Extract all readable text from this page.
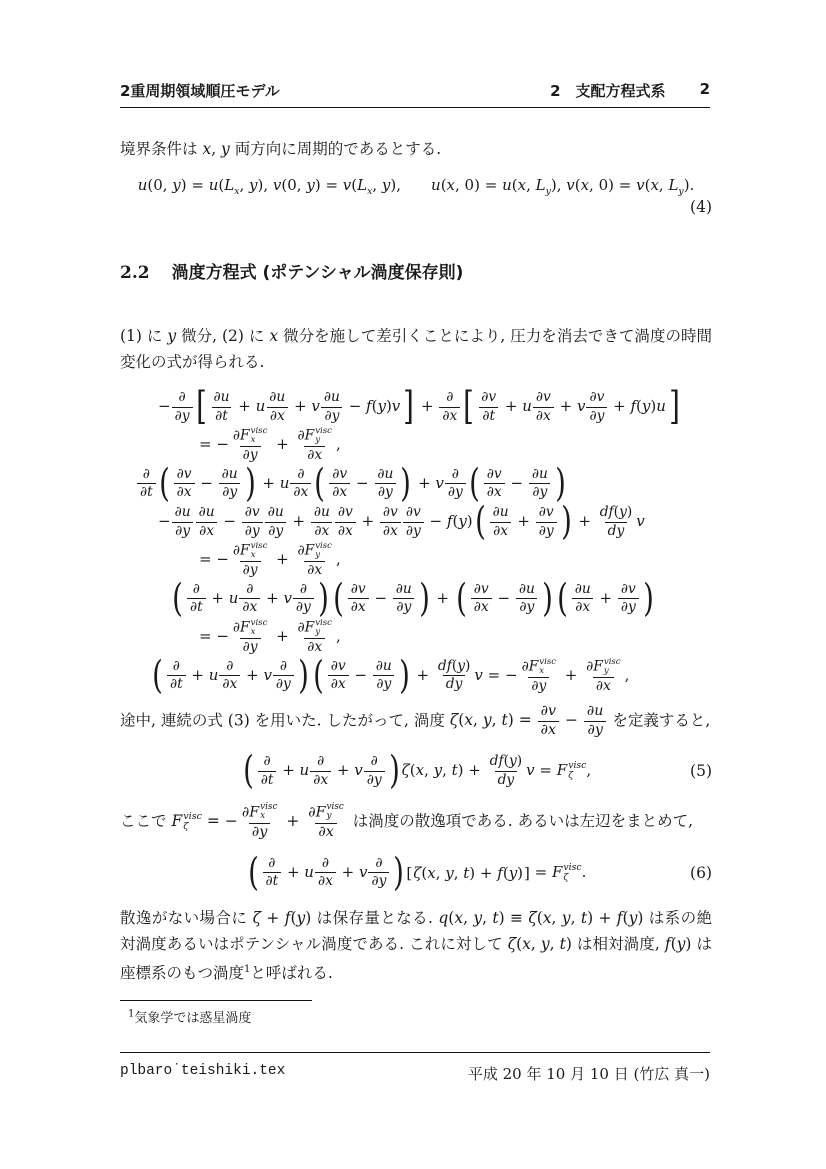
2重周期領域順圧モデル	2　支配方程式系 2

境界条件は x, y 両方向に周期的であるとする.

u(0, $y) = u(L_x$, y), v(0, $y) = v(L_x$, y),  u(x, 0) = u(x, $L_y$), v(x, 0) = v(x, $L_y$).
(4)
2.2 渦度方程式 (ポテンシャル渦度保存則)

(1) に y 微分, (2) に x 微分を施して差引くことにより, 圧力を消去できて渦度の時間変化の式が得られる.

− ∂
∂y [ $\frac{\partial u}{\partial t} + u \frac{\partial u}{\partial x} + v \frac{\partial u}{\partial y} - f(y)v$ ] + ∂
∂x [ $\frac{\partial v}{\partial t} + u \frac{\partial v}{\partial x} + v \frac{\partial v}{\partial y} + f(y)u$ ]
= − ∂F visc
x
∂y
+ ∂F visc
y
∂x
,
∂
∂t ( $\frac{\partial v}{\partial x} - \frac{\partial u}{\partial y}$ ) + u ∂
∂x ( $\frac{\partial v}{\partial x} - \frac{\partial u}{\partial y}$ ) + v ∂
∂y ( $\frac{\partial v}{\partial x} - \frac{\partial u}{\partial y}$ )
− $\frac{\partial u}{\partial y} \frac{\partial u}{\partial x} - \frac{\partial v}{\partial y} \frac{\partial u}{\partial y} + \frac{\partial u}{\partial x} \frac{\partial v}{\partial x} + \frac{\partial v}{\partial x} \frac{\partial v}{\partial y} - f(y)$ ( $\frac{\partial u}{\partial x} + \frac{\partial v}{\partial y}$ ) + $\frac{df(y)}{dy}$ v
= − ∂F visc
x
∂y
+ ∂F visc
y
∂x
,
( ∂
∂t
+ u ∂
∂x
+ v ∂
∂y ) ( $\frac{\partial v}{\partial x} - \frac{\partial u}{\partial y}$ ) + ( $\frac{\partial v}{\partial x} - \frac{\partial u}{\partial y}$ ) ( $\frac{\partial u}{\partial x} + \frac{\partial v}{\partial y}$ )
= − ∂F visc
x
∂y
+ ∂F visc
y
∂x
,
( ∂
∂t
+ u ∂
∂x
+ v ∂
∂y ) ( $\frac{\partial v}{\partial x} - \frac{\partial u}{\partial y}$ ) + $\frac{df(y)}{dy}$ v = − ∂F visc
x
∂y
+ ∂F visc
y
∂x
,

途中, 連続の式 (3) を用いた. したがって, 渦度 ζ(x, y, $t) = \frac{\partial v}{\partial x} - \frac{\partial u}{\partial y}$ を定義すると,

( ∂
∂t
+ u ∂
∂x
+ v ∂
∂y ) ζ(x, y, $t) + \frac{df(y)}{dy}$ v = F visc
ζ ,	(5)

ここで F visc
ζ = − ∂F visc
x
∂y
+ ∂F visc
y
∂x
は渦度の散逸項である. あるいは左辺をまとめて,

( ∂
∂t
+ u ∂
∂x
+ v ∂
∂y ) [ ζ(x, y, t) + f(y) ] = F visc
ζ .	(6)

散逸がない場合に ζ + f(y) は保存量となる. q(x, y, t) ≡ ζ(x, y, t) + f(y) は系の絶対渦度あるいはポテンシャル渦度である. これに対して ζ(x, y, t) は相対渦度, f(y) は座標系のもつ渦度$^1$と呼ばれる.

$^1$気象学では惑星渦度

plbaro˙teishiki.tex	平成 20 年 10 月 10 日 (竹広 真一)
